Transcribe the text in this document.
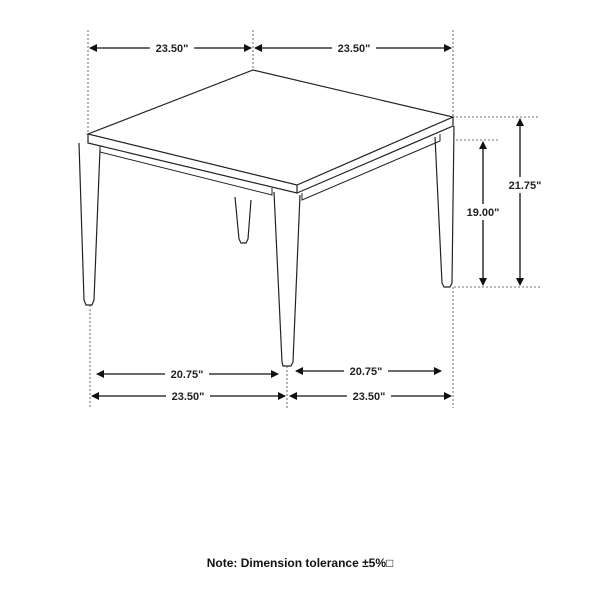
23.50"	23.50"
21.75"
19.00"
20.75"	20.75"
23.50"	23.50"
Note: Dimension tolerance ±5%□
